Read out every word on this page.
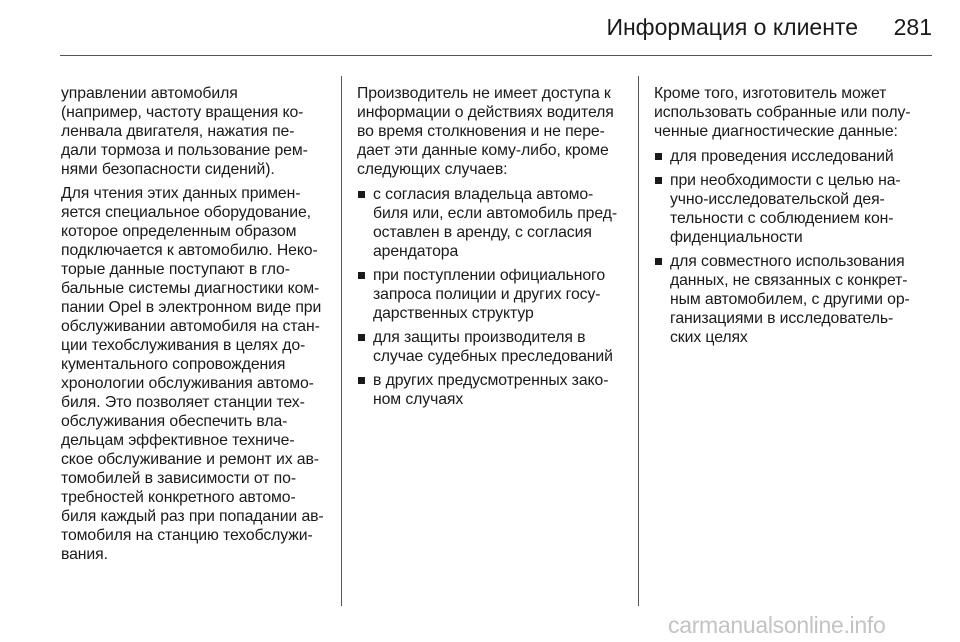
Информация о клиенте	281
управлении автомобиля
(например, частоту вращения ко-
ленвала двигателя, нажатия пе-
дали тормоза и пользование рем-
нями безопасности сидений).
Для чтения этих данных примен-
яется специальное оборудование,
которое определенным образом
подключается к автомобилю. Неко-
торые данные поступают в гло-
бальные системы диагностики ком-
пании Opel в электронном виде при
обслуживании автомобиля на стан-
ции техобслуживания в целях до-
кументального сопровождения
хронологии обслуживания автомо-
биля. Это позволяет станции тех-
обслуживания обеспечить вла-
дельцам эффективное техниче-
ское обслуживание и ремонт их ав-
томобилей в зависимости от по-
требностей конкретного автомо-
биля каждый раз при попадании ав-
томобиля на станцию техобслужи-
вания.
Производитель не имеет доступа к
информации о действиях водителя
во время столкновения и не пере-
дает эти данные кому-либо, кроме
следующих случаев:
с согласия владельца автомо-
биля или, если автомобиль пред-
оставлен в аренду, с согласия
арендатора
при поступлении официального
запроса полиции и других госу-
дарственных структур
для защиты производителя в
случае судебных преследований
в других предусмотренных зако-
ном случаях
Кроме того, изготовитель может
использовать собранные или полу-
ченные диагностические данные:
для проведения исследований
при необходимости с целью на-
учно-исследовательской дея-
тельности с соблюдением кон-
фиденциальности
для совместного использования
данных, не связанных с конкрет-
ным автомобилем, с другими ор-
ганизациями в исследователь-
ских целях
carmanualsonline.info
